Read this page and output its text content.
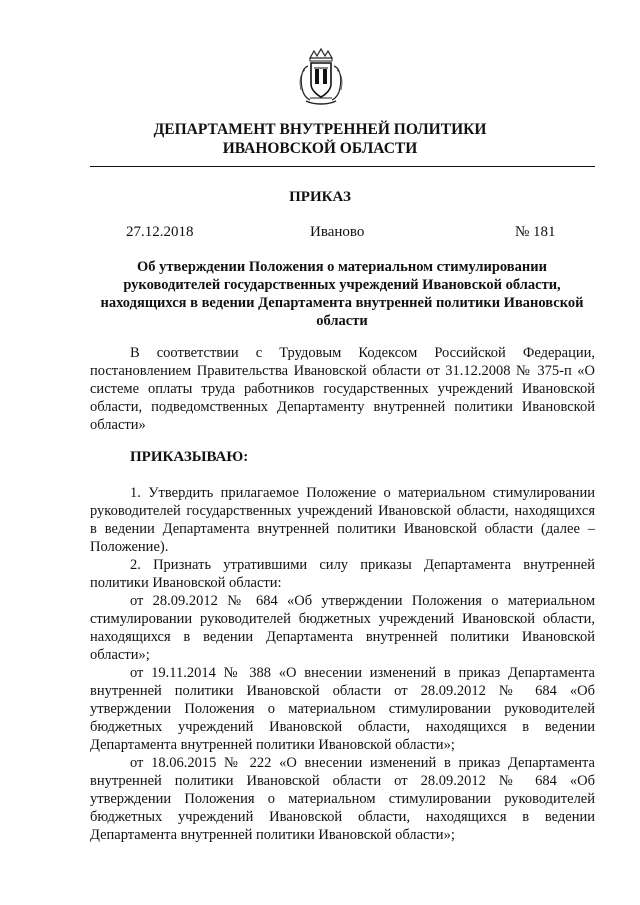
ДЕПАРТАМЕНТ ВНУТРЕННЕЙ ПОЛИТИКИ
ИВАНОВСКОЙ ОБЛАСТИ
ПРИКАЗ
27.12.2018	Иваново	№ 181
Об утверждении Положения о материальном стимулировании руководителей государственных учреждений Ивановской области, находящихся в ведении Департамента внутренней политики Ивановской области

В соответствии с Трудовым Кодексом Российской Федерации, постановлением Правительства Ивановской области от 31.12.2008 № 375-п «О системе оплаты труда работников государственных учреждений Ивановской области, подведомственных Департаменту внутренней политики Ивановской области»

ПРИКАЗЫВАЮ:

1. Утвердить прилагаемое Положение о материальном стимулировании руководителей государственных учреждений Ивановской области, находящихся в ведении Департамента внутренней политики Ивановской области (далее – Положение).

2. Признать утратившими силу приказы Департамента внутренней политики Ивановской области:

от 28.09.2012 № 684 «Об утверждении Положения о материальном стимулировании руководителей бюджетных учреждений Ивановской области, находящихся в ведении Департамента внутренней политики Ивановской области»;

от 19.11.2014 № 388 «О внесении изменений в приказ Департамента внутренней политики Ивановской области от 28.09.2012 № 684 «Об утверждении Положения о материальном стимулировании руководителей бюджетных учреждений Ивановской области, находящихся в ведении Департамента внутренней политики Ивановской области»;

от 18.06.2015 № 222 «О внесении изменений в приказ Департамента внутренней политики Ивановской области от 28.09.2012 № 684 «Об утверждении Положения о материальном стимулировании руководителей бюджетных учреждений Ивановской области, находящихся в ведении Департамента внутренней политики Ивановской области»;
